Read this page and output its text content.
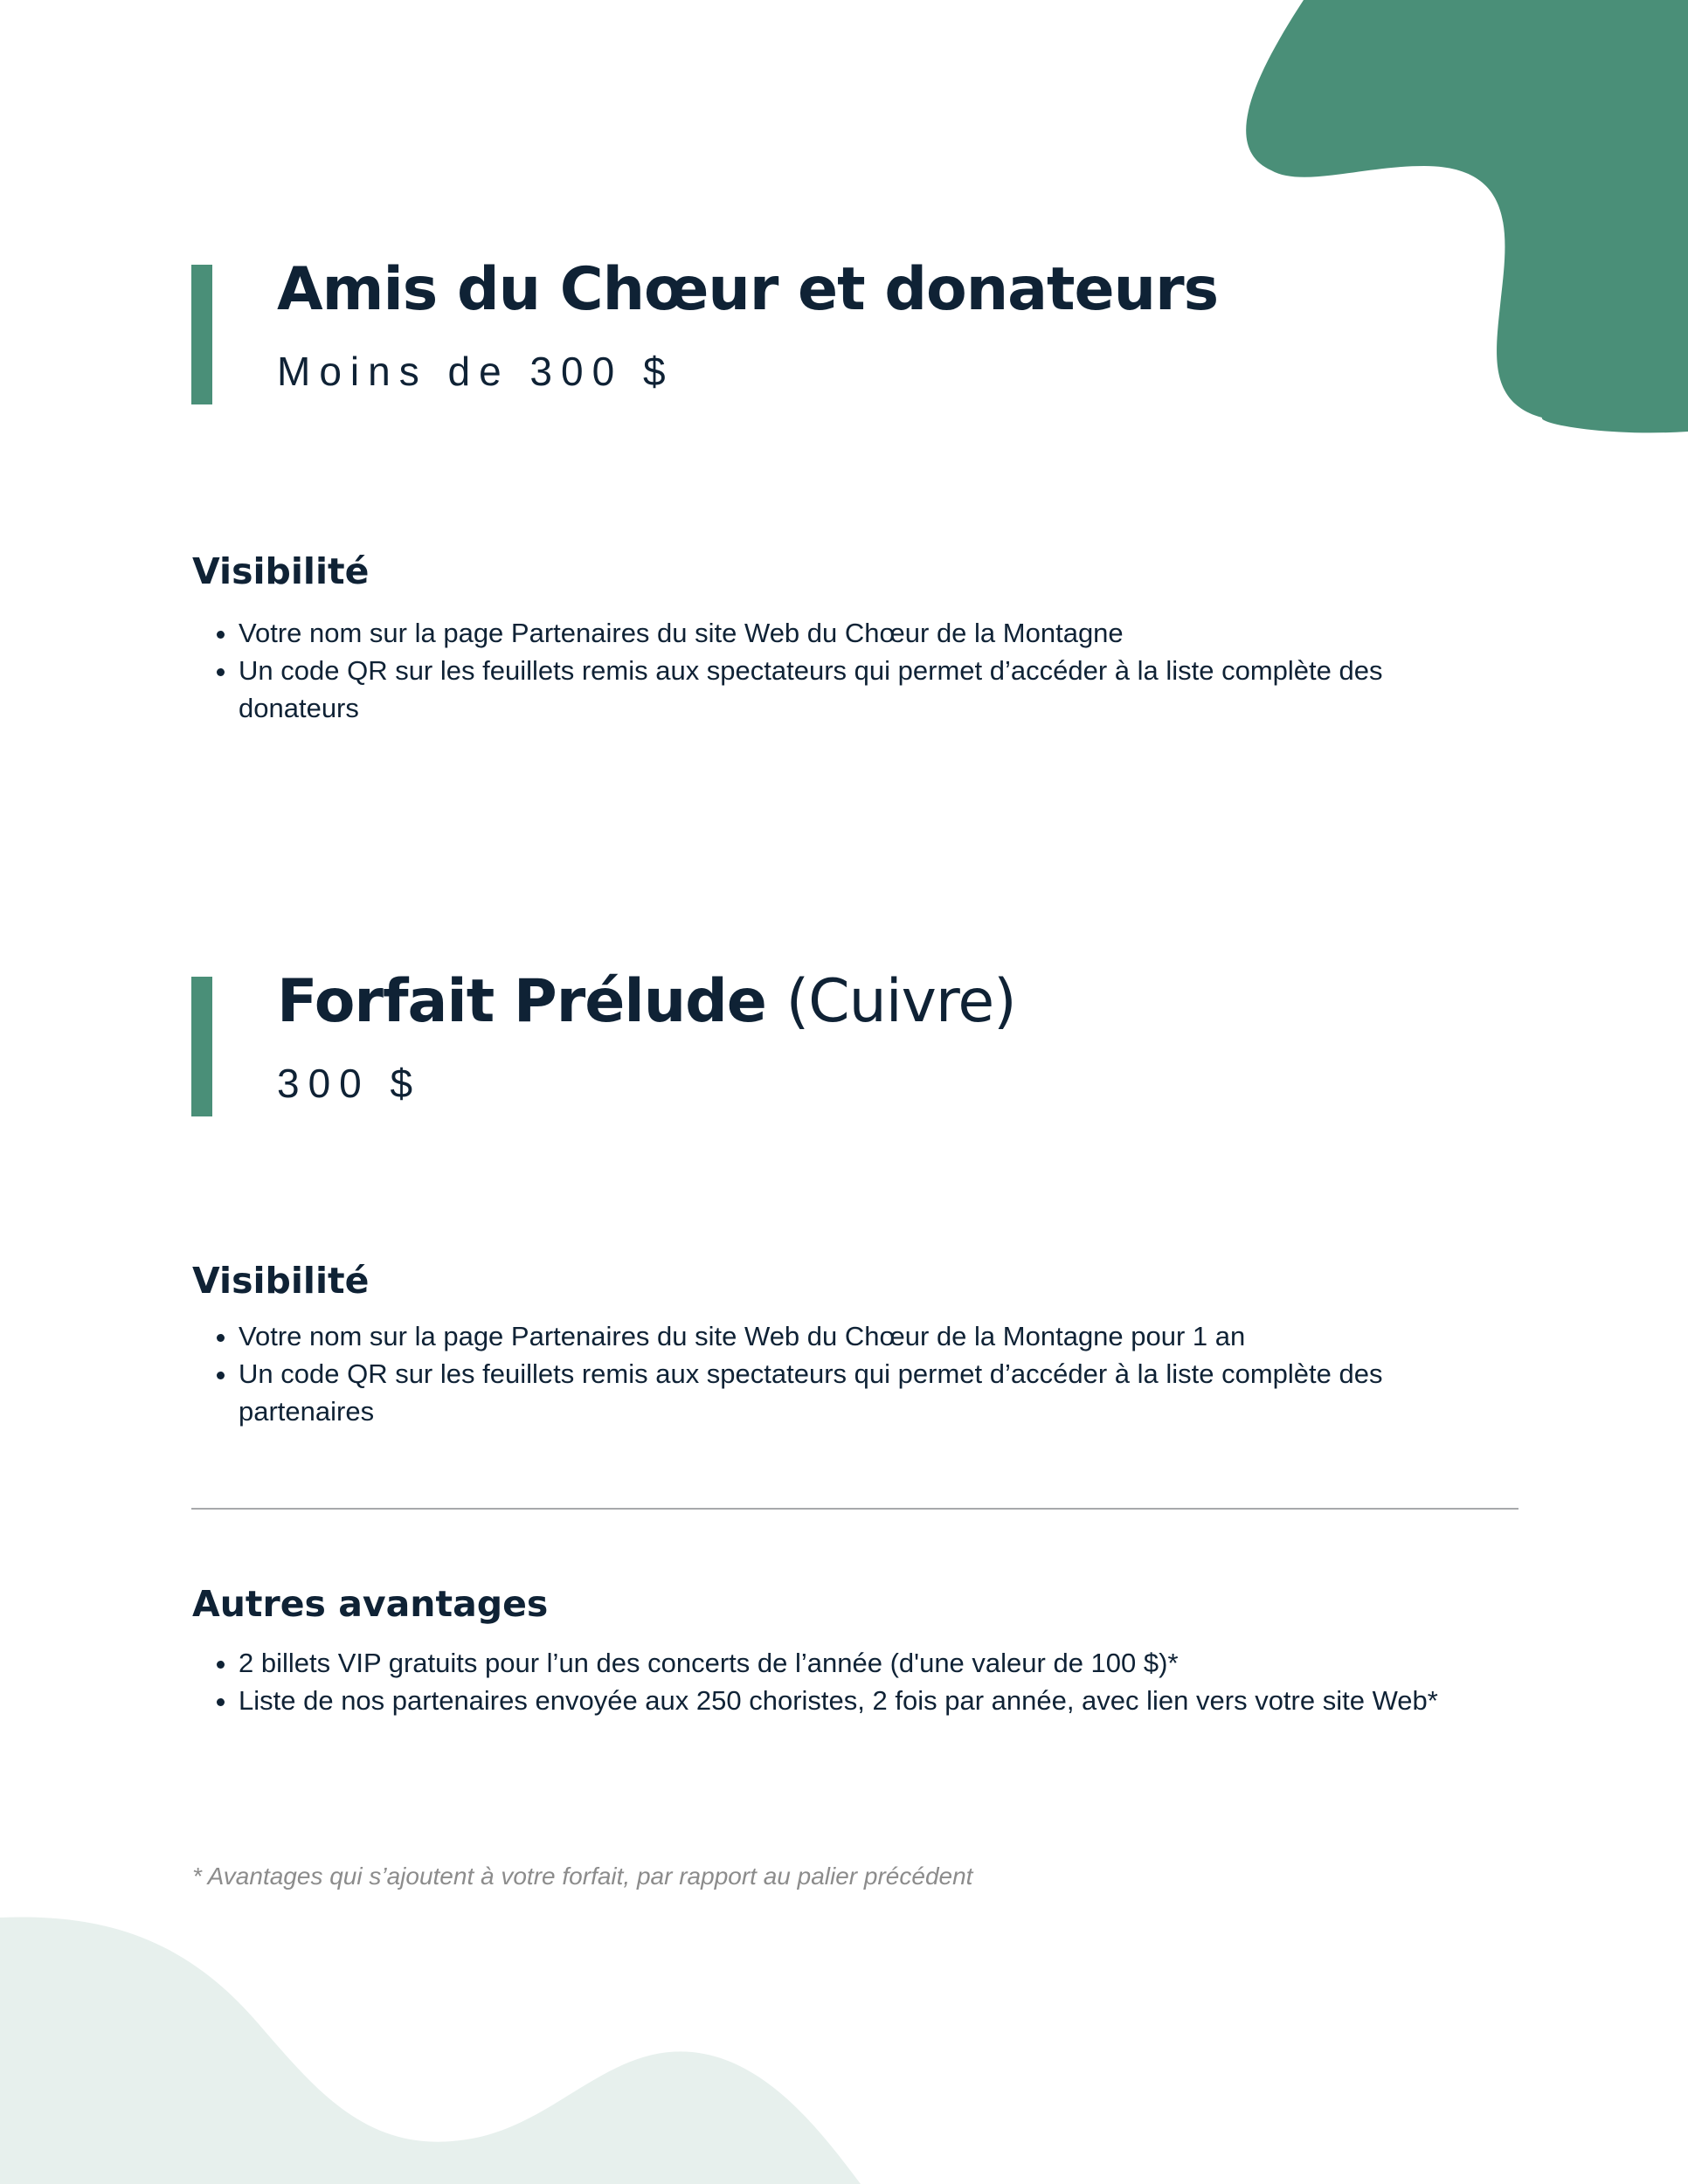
Amis du Chœur et donateurs
Moins de 300 $
Visibilité
• Votre nom sur la page Partenaires du site Web du Chœur de la Montagne
• Un code QR sur les feuillets remis aux spectateurs qui permet d’accéder à la liste complète des donateurs
Forfait Prélude (Cuivre)
300 $
Visibilité
• Votre nom sur la page Partenaires du site Web du Chœur de la Montagne pour 1 an
• Un code QR sur les feuillets remis aux spectateurs qui permet d’accéder à la liste complète des partenaires
Autres avantages
• 2 billets VIP gratuits pour l’un des concerts de l’année (d'une valeur de 100 $)*
• Liste de nos partenaires envoyée aux 250 choristes, 2 fois par année, avec lien vers votre site Web*
* Avantages qui s’ajoutent à votre forfait, par rapport au palier précédent
